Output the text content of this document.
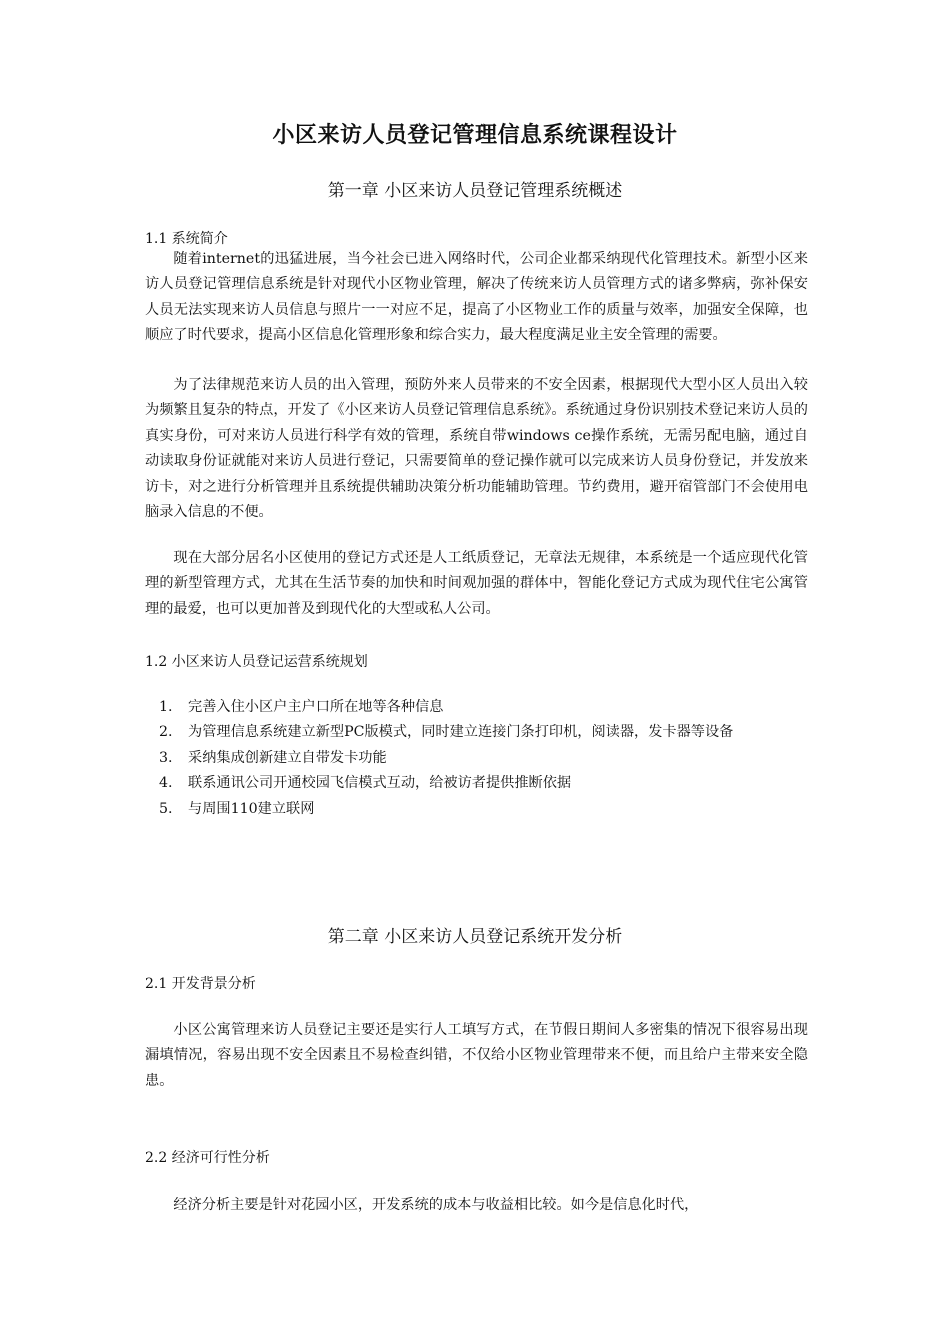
小区来访人员登记管理信息系统课程设计
第一章 小区来访人员登记管理系统概述
1.1 系统简介

随着internet的迅猛进展，当今社会已进入网络时代，公司企业都采纳现代化管理技术。新型小区来访人员登记管理信息系统是针对现代小区物业管理，解决了传统来访人员管理方式的诸多弊病，弥补保安人员无法实现来访人员信息与照片一一对应不足，提高了小区物业工作的质量与效率，加强安全保障，也顺应了时代要求，提高小区信息化管理形象和综合实力，最大程度满足业主安全管理的需要。

为了法律规范来访人员的出入管理，预防外来人员带来的不安全因素，根据现代大型小区人员出入较为频繁且复杂的特点，开发了《小区来访人员登记管理信息系统》。系统通过身份识别技术登记来访人员的真实身份，可对来访人员进行科学有效的管理，系统自带windows ce操作系统，无需另配电脑，通过自动读取身份证就能对来访人员进行登记，只需要简单的登记操作就可以完成来访人员身份登记，并发放来访卡，对之进行分析管理并且系统提供辅助决策分析功能辅助管理。节约费用，避开宿管部门不会使用电脑录入信息的不便。

现在大部分居名小区使用的登记方式还是人工纸质登记，无章法无规律，本系统是一个适应现代化管理的新型管理方式，尤其在生活节奏的加快和时间观加强的群体中，智能化登记方式成为现代住宅公寓管理的最爱，也可以更加普及到现代化的大型或私人公司。

1.2 小区来访人员登记运营系统规划
1. 完善入住小区户主户口所在地等各种信息
2. 为管理信息系统建立新型PC版模式，同时建立连接门条打印机，阅读器，发卡器等设备
3. 采纳集成创新建立自带发卡功能
4. 联系通讯公司开通校园飞信模式互动，给被访者提供推断依据
5. 与周围110建立联网
第二章 小区来访人员登记系统开发分析
2.1 开发背景分析

小区公寓管理来访人员登记主要还是实行人工填写方式，在节假日期间人多密集的情况下很容易出现漏填情况，容易出现不安全因素且不易检查纠错，不仅给小区物业管理带来不便，而且给户主带来安全隐患。

2.2 经济可行性分析

经济分析主要是针对花园小区，开发系统的成本与收益相比较。如今是信息化时代，
